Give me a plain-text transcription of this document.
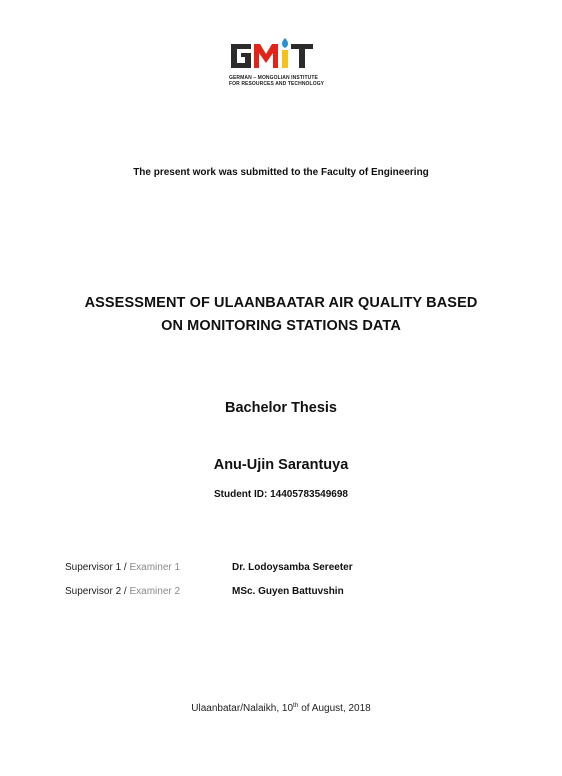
GERMAN – MONGOLIAN INSTITUTE
FOR RESOURCES AND TECHNOLOGY
The present work was submitted to the Faculty of Engineering
ASSESSMENT OF ULAANBAATAR AIR QUALITY BASED
ON MONITORING STATIONS DATA
Bachelor Thesis
Anu-Ujin Sarantuya
Student ID: 14405783549698
Supervisor 1 / Examiner 1	Dr. Lodoysamba Sereeter
Supervisor 2 / Examiner 2	MSc. Guyen Battuvshin
Ulaanbatar/Nalaikh, 10th of August, 2018
